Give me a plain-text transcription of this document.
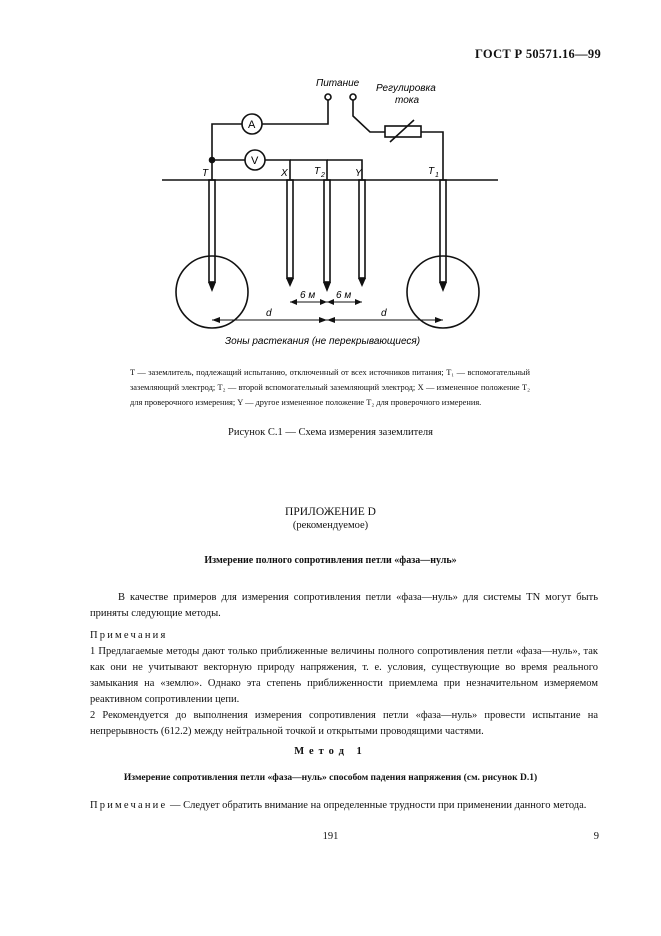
ГОСТ Р 50571.16—99
Питание Регулировка
тока
A
V
T	X	T 2	Y	T 1
6 м 6 м
d	d
Зоны растекания (не перекрывающиеся)

T — заземлитель, подлежащий испытанию, отключенный от всех источников питания; T₁ — вспомогательный заземляющий электрод; T₂ — второй вспомогательный заземляющий электрод; X — измененное положение T₂ для проверочного измерения; Y — другое измененное положение T₂ для проверочного измерения.

Рисунок С.1 — Схема измерения заземлителя
ПРИЛОЖЕНИЕ D
(рекомендуемое)
Измерение полного сопротивления петли «фаза—нуль»

В качестве примеров для измерения сопротивления петли «фаза—нуль» для системы TN могут быть приняты следующие методы.

Примечания

1 Предлагаемые методы дают только приближенные величины полного сопротивления петли «фаза—нуль», так как они не учитывают векторную природу напряжения, т. е. условия, существующие во время реального замыкания на «землю». Однако эта степень приближенности приемлема при незначительном измеряемом реактивном сопротивлении цепи.

2 Рекомендуется до выполнения измерения сопротивления петли «фаза—нуль» провести испытание на непрерывность (612.2) между нейтральной точкой и открытыми проводящими частями.

Метод 1
Измерение сопротивления петли «фаза—нуль» способом падения напряжения (см. рисунок D.1)

Примечание — Следует обратить внимание на определенные трудности при применении данного метода.

191	9
